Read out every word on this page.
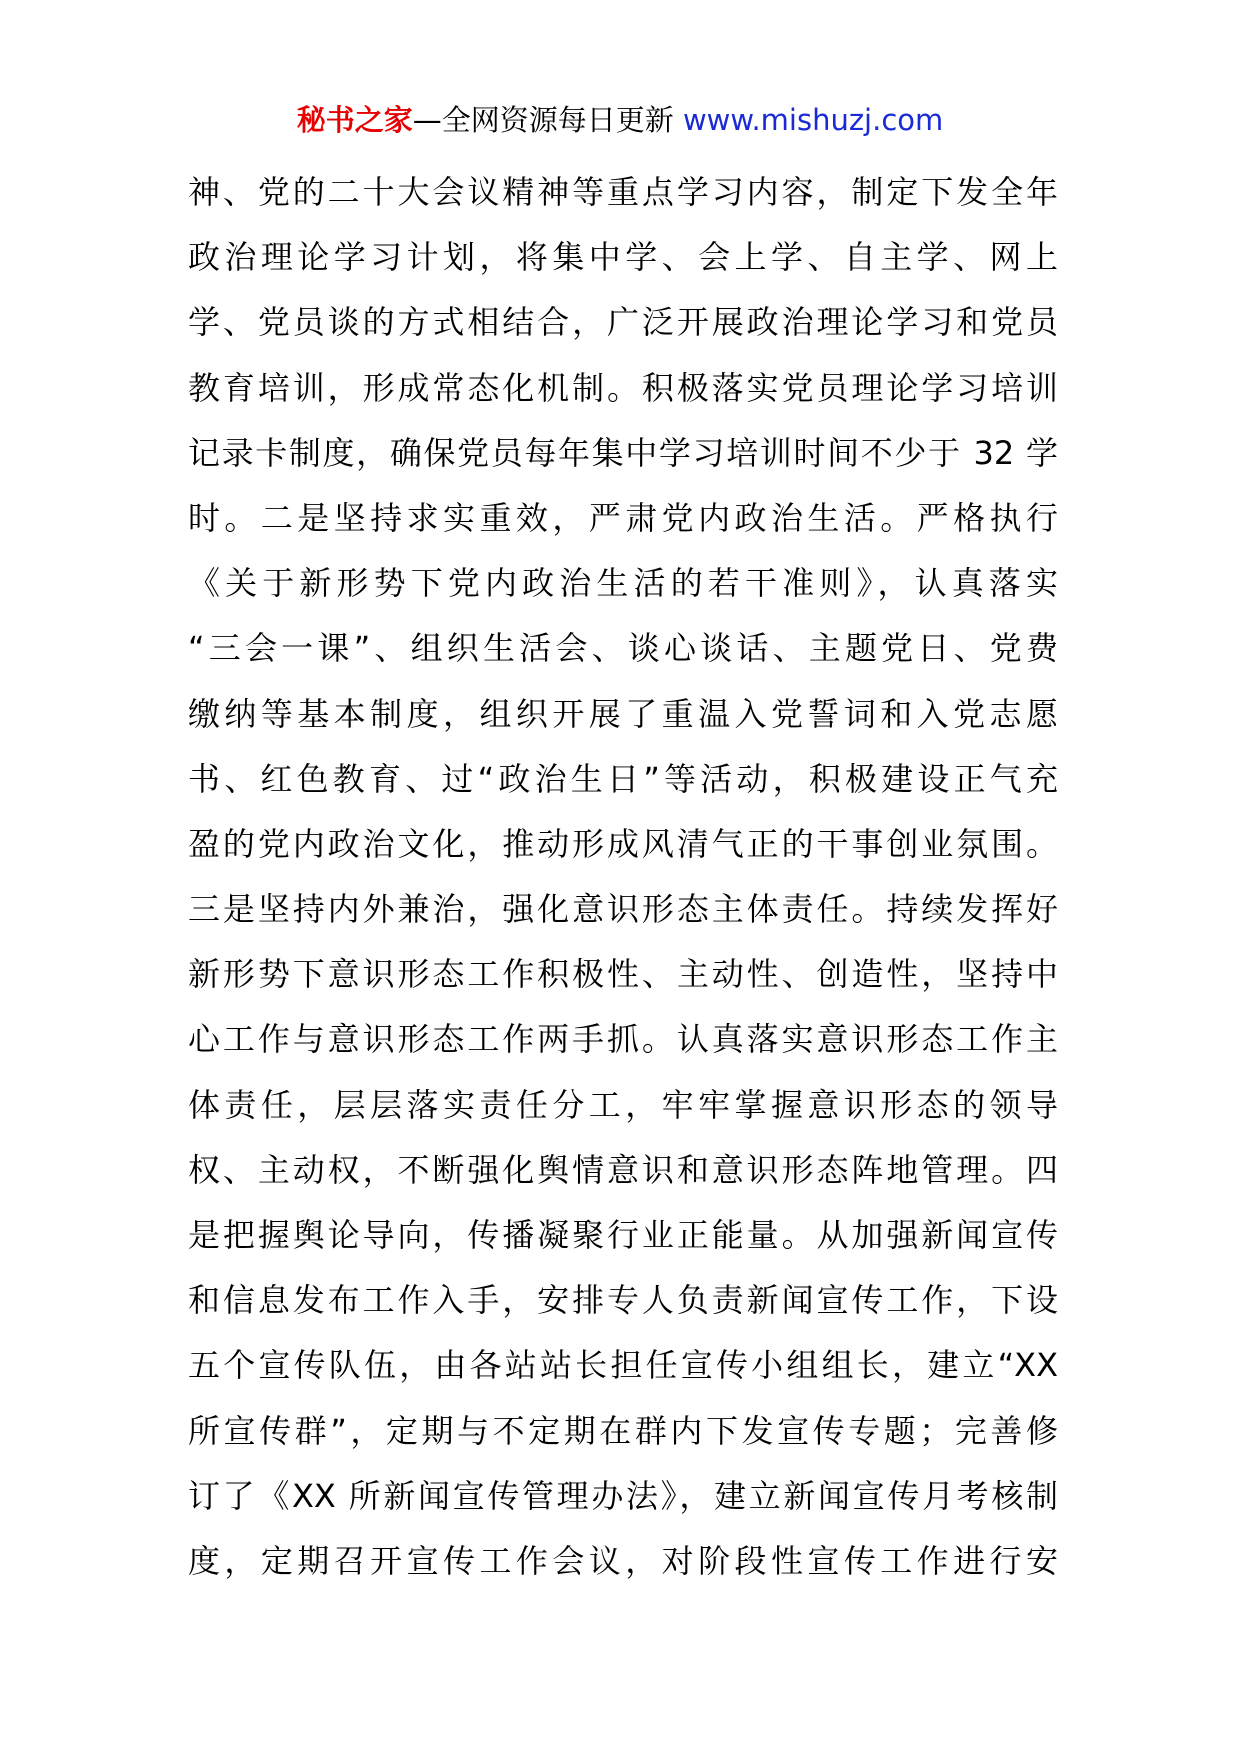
秘书之家—全网资源每日更新 www.mishuzj.com
神、党的二十大会议精神等重点学习内容，制定下发全年
政治理论学习计划，将集中学、会上学、自主学、网上
学、党员谈的方式相结合，广泛开展政治理论学习和党员
教育培训，形成常态化机制。积极落实党员理论学习培训
记录卡制度，确保党员每年集中学习培训时间不少于 32 学
时。二是坚持求实重效，严肃党内政治生活。严格执行
《关于新形势下党内政治生活的若干准则》，认真落实
“三会一课”、组织生活会、谈心谈话、主题党日、党费
缴纳等基本制度，组织开展了重温入党誓词和入党志愿
书、红色教育、过“政治生日”等活动，积极建设正气充
盈的党内政治文化，推动形成风清气正的干事创业氛围。
三是坚持内外兼治，强化意识形态主体责任。持续发挥好
新形势下意识形态工作积极性、主动性、创造性，坚持中
心工作与意识形态工作两手抓。认真落实意识形态工作主
体责任，层层落实责任分工，牢牢掌握意识形态的领导
权、主动权，不断强化舆情意识和意识形态阵地管理。四
是把握舆论导向，传播凝聚行业正能量。从加强新闻宣传
和信息发布工作入手，安排专人负责新闻宣传工作，下设
五个宣传队伍，由各站站长担任宣传小组组长，建立“XX
所宣传群”，定期与不定期在群内下发宣传专题；完善修
订了《XX 所新闻宣传管理办法》，建立新闻宣传月考核制
度，定期召开宣传工作会议，对阶段性宣传工作进行安
